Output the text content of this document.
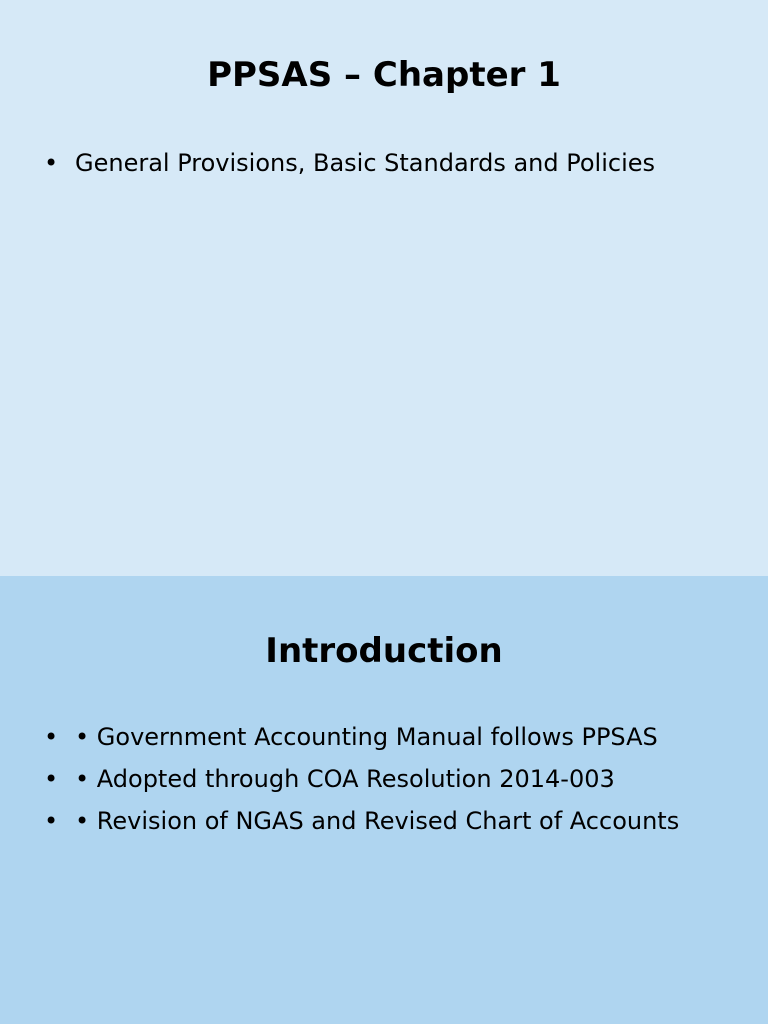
PPSAS – Chapter 1
• General Provisions, Basic Standards and Policies
Introduction
• • Government Accounting Manual follows PPSAS
• • Adopted through COA Resolution 2014-003
• • Revision of NGAS and Revised Chart of Accounts
